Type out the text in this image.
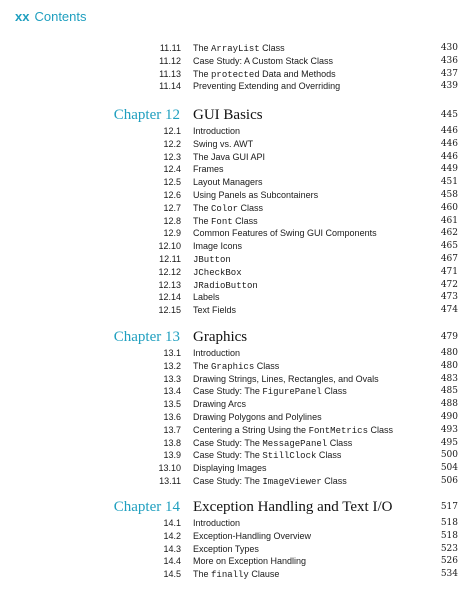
xx Contents
11.11 The ArrayList Class	430
11.12 Case Study: A Custom Stack Class	436
11.13 The protected Data and Methods	437
11.14 Preventing Extending and Overriding	439
Chapter 12 GUI Basics	445
12.1 Introduction	446
12.2 Swing vs. AWT	446
12.3 The Java GUI API	446
12.4 Frames	449
12.5 Layout Managers	451
12.6 Using Panels as Subcontainers	458
12.7 The Color Class	460
12.8 The Font Class	461
12.9 Common Features of Swing GUI Components	462
12.10 Image Icons	465
12.11 JButton	467
12.12 JCheckBox	471
12.13 JRadioButton	472
12.14 Labels	473
12.15 Text Fields	474
Chapter 13 Graphics	479
13.1 Introduction	480
13.2 The Graphics Class	480
13.3 Drawing Strings, Lines, Rectangles, and Ovals	483
13.4 Case Study: The FigurePanel Class	485
13.5 Drawing Arcs	488
13.6 Drawing Polygons and Polylines	490
13.7 Centering a String Using the FontMetrics Class	493
13.8 Case Study: The MessagePanel Class	495
13.9 Case Study: The StillClock Class	500
13.10 Displaying Images	504
13.11 Case Study: The ImageViewer Class	506
Chapter 14 Exception Handling and Text I/O	517
14.1 Introduction	518
14.2 Exception-Handling Overview	518
14.3 Exception Types	523
14.4 More on Exception Handling	526
14.5 The finally Clause	534
